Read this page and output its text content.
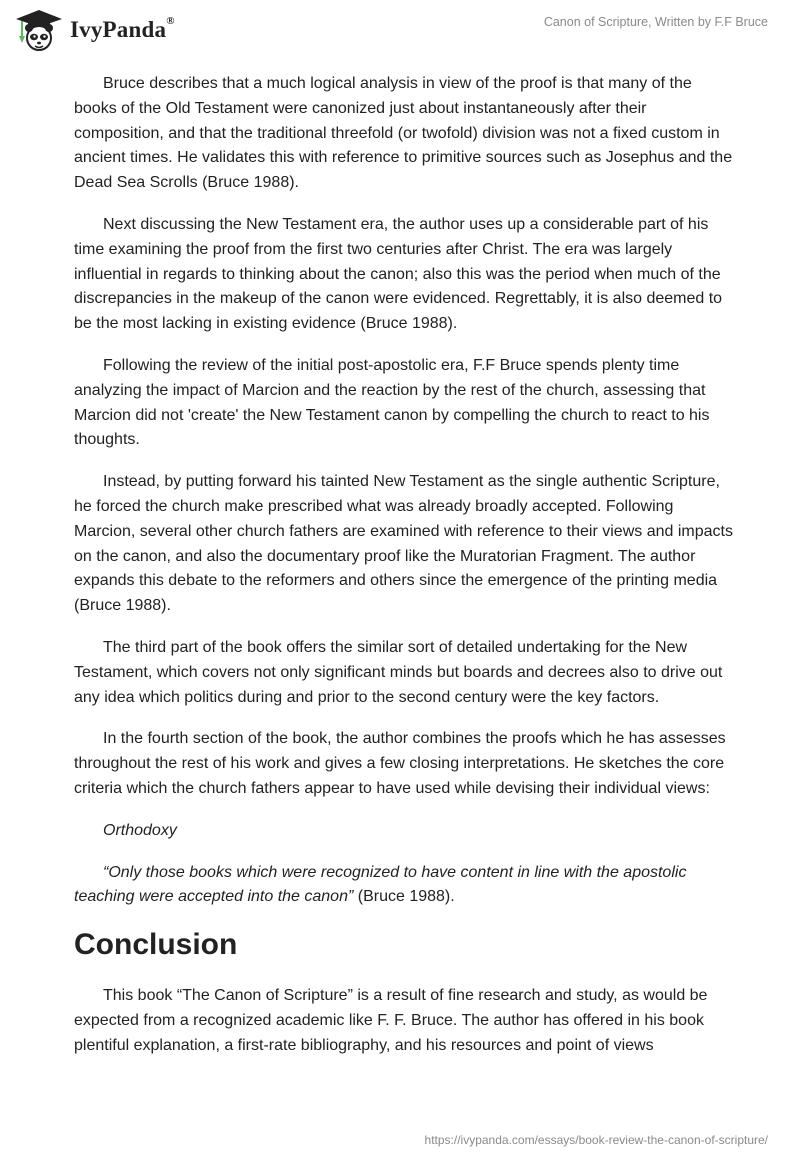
IvyPanda®	Canon of Scripture, Written by F.F Bruce

Bruce describes that a much logical analysis in view of the proof is that many of the books of the Old Testament were canonized just about instantaneously after their composition, and that the traditional threefold (or twofold) division was not a fixed custom in ancient times. He validates this with reference to primitive sources such as Josephus and the Dead Sea Scrolls (Bruce 1988).

Next discussing the New Testament era, the author uses up a considerable part of his time examining the proof from the first two centuries after Christ. The era was largely influential in regards to thinking about the canon; also this was the period when much of the discrepancies in the makeup of the canon were evidenced. Regrettably, it is also deemed to be the most lacking in existing evidence (Bruce 1988).

Following the review of the initial post-apostolic era, F.F Bruce spends plenty time analyzing the impact of Marcion and the reaction by the rest of the church, assessing that Marcion did not 'create' the New Testament canon by compelling the church to react to his thoughts.

Instead, by putting forward his tainted New Testament as the single authentic Scripture, he forced the church make prescribed what was already broadly accepted. Following Marcion, several other church fathers are examined with reference to their views and impacts on the canon, and also the documentary proof like the Muratorian Fragment. The author expands this debate to the reformers and others since the emergence of the printing media (Bruce 1988).

The third part of the book offers the similar sort of detailed undertaking for the New Testament, which covers not only significant minds but boards and decrees also to drive out any idea which politics during and prior to the second century were the key factors.

In the fourth section of the book, the author combines the proofs which he has assesses throughout the rest of his work and gives a few closing interpretations. He sketches the core criteria which the church fathers appear to have used while devising their individual views:

Orthodoxy

“Only those books which were recognized to have content in line with the apostolic teaching were accepted into the canon” (Bruce 1988).

Conclusion

This book “The Canon of Scripture” is a result of fine research and study, as would be expected from a recognized academic like F. F. Bruce. The author has offered in his book plentiful explanation, a first-rate bibliography, and his resources and point of views

https://ivypanda.com/essays/book-review-the-canon-of-scripture/
